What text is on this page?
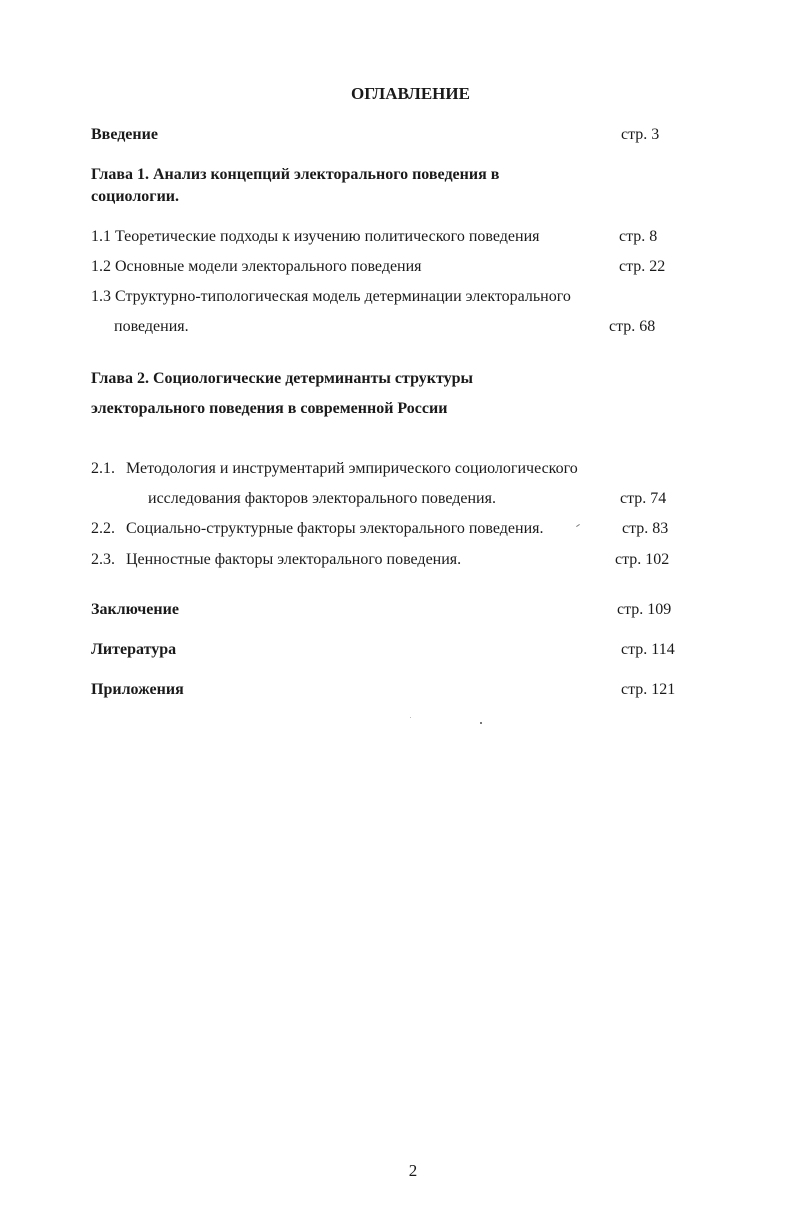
ОГЛАВЛЕНИЕ
Введение	стр. 3
Глава 1. Анализ концепций электорального поведения в
социологии.
1.1 Теоретические подходы к изучению политического поведения	стр. 8
1.2 Основные модели электорального поведения	стр. 22
1.3 Структурно-типологическая модель детерминации электорального
поведения.	стр. 68
Глава 2. Социологические детерминанты структуры
электорального поведения в современной России
2.1. Методология и инструментарий эмпирического социологического
исследования факторов электорального поведения.	стр. 74
2.2. Социально-структурные факторы электорального поведения.	стр. 83
2.3. Ценностные факторы электорального поведения.	стр. 102
Заключение	стр. 109
Литература	стр. 114
Приложения	стр. 121
2
